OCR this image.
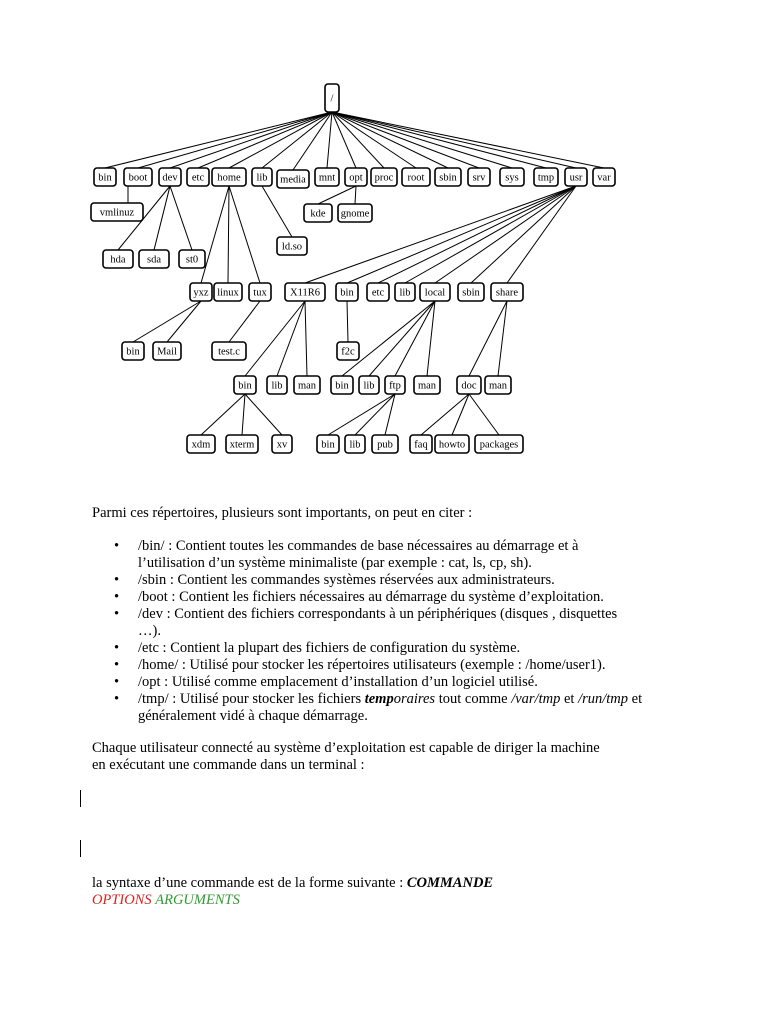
/
bin boot dev etc home lib media mnt opt proc root sbin srv sys tmp usr var
vmlinuz
hda sda st0
ld.so
kde gnome
yxz linux tux X11R6 bin etc lib local sbin share
bin Mail	test.c	f2c
bin lib man bin lib ftp man doc man
xdm xterm xv	bin lib pub faq howto packages
Parmi ces répertoires, plusieurs sont importants, on peut en citer :
• /bin/ : Contient toutes les commandes de base nécessaires au démarrage et à
l’utilisation d’un système minimaliste (par exemple : cat, ls, cp, sh).
• /sbin : Contient les commandes systèmes réservées aux administrateurs.
• /boot : Contient les fichiers nécessaires au démarrage du système d’exploitation.
• /dev : Contient des fichiers correspondants à un périphériques (disques , disquettes
…).
• /etc : Contient la plupart des fichiers de configuration du système.
• /home/ : Utilisé pour stocker les répertoires utilisateurs (exemple : /home/user1).
• /opt : Utilisé comme emplacement d’installation d’un logiciel utilisé.
• /tmp/ : Utilisé pour stocker les fichiers temporaires tout comme /var/tmp et /run/tmp et
généralement vidé à chaque démarrage.
Chaque utilisateur connecté au système d’exploitation est capable de diriger la machine
en exécutant une commande dans un terminal :
la syntaxe d’une commande est de la forme suivante : COMMANDE
OPTIONS ARGUMENTS
